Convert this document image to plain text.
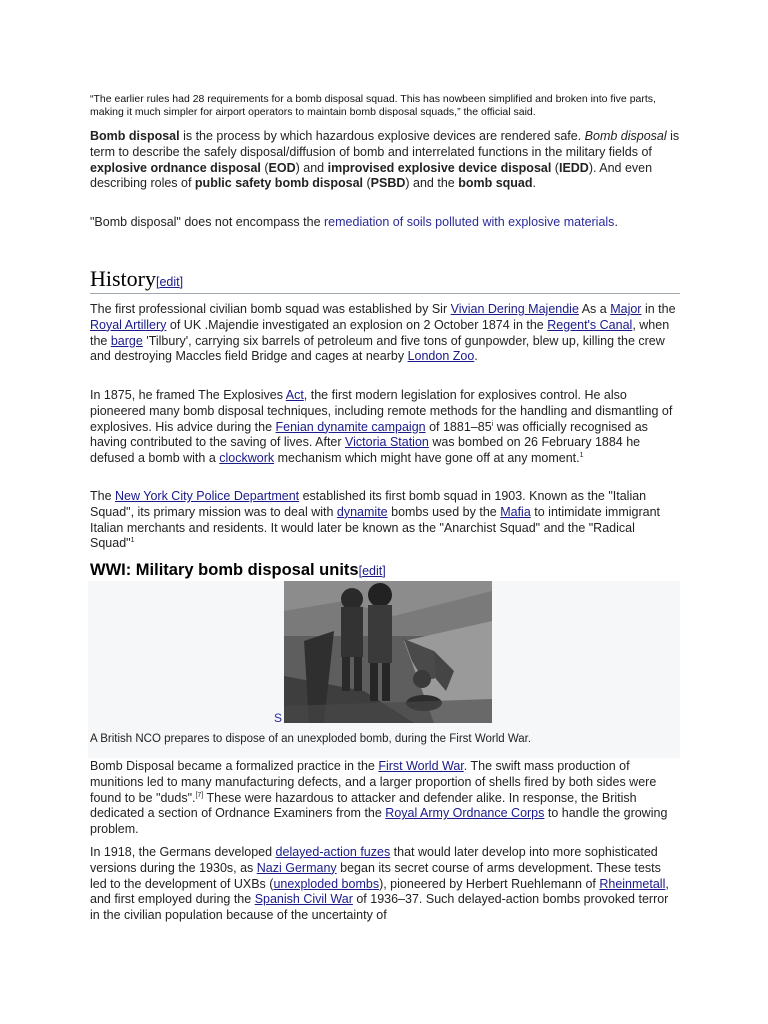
“The earlier rules had 28 requirements for a bomb disposal squad. This has nowbeen simplified and broken into five parts, making it much simpler for airport operators to maintain bomb disposal squads,” the official said.

Bomb disposal is the process by which hazardous explosive devices are rendered safe. Bomb disposal is term to describe the safely disposal/diffusion of bomb and interrelated functions in the military fields of explosive ordnance disposal (EOD) and improvised explosive device disposal (IEDD). And even describing roles of public safety bomb disposal (PSBD) and the bomb squad.

"Bomb disposal" does not encompass the remediation of soils polluted with explosive materials.

History[edit]

The first professional civilian bomb squad was established by Sir Vivian Dering Majendie As a Major in the Royal Artillery of UK .Majendie investigated an explosion on 2 October 1874 in the Regent's Canal, when the barge 'Tilbury', carrying six barrels of petroleum and five tons of gunpowder, blew up, killing the crew and destroying Maccles field Bridge and cages at nearby London Zoo.

In 1875, he framed The Explosives Act, the first modern legislation for explosives control. He also pioneered many bomb disposal techniques, including remote methods for the handling and dismantling of explosives. His advice during the Fenian dynamite campaign of 1881–85$^i$ was officially recognised as having contributed to the saving of lives. After Victoria Station was bombed on 26 February 1884 he defused a bomb with a clockwork mechanism which might have gone off at any moment.$^1$

The New York City Police Department established its first bomb squad in 1903. Known as the "Italian Squad", its primary mission was to deal with dynamite bombs used by the Mafia to intimidate immigrant Italian merchants and residents. It would later be known as the "Anarchist Squad" and the "Radical Squad"$^1$

WWI: Military bomb disposal units[edit]
S
A British NCO prepares to dispose of an unexploded bomb, during the First World War.

Bomb Disposal became a formalized practice in the First World War. The swift mass production of munitions led to many manufacturing defects, and a larger proportion of shells fired by both sides were found to be "duds".[7] These were hazardous to attacker and defender alike. In response, the British dedicated a section of Ordnance Examiners from the Royal Army Ordnance Corps to handle the growing problem.

In 1918, the Germans developed delayed-action fuzes that would later develop into more sophisticated versions during the 1930s, as Nazi Germany began its secret course of arms development. These tests led to the development of UXBs (unexploded bombs), pioneered by Herbert Ruehlemann of Rheinmetall, and first employed during the Spanish Civil War of 1936–37. Such delayed-action bombs provoked terror in the civilian population because of the uncertainty of
